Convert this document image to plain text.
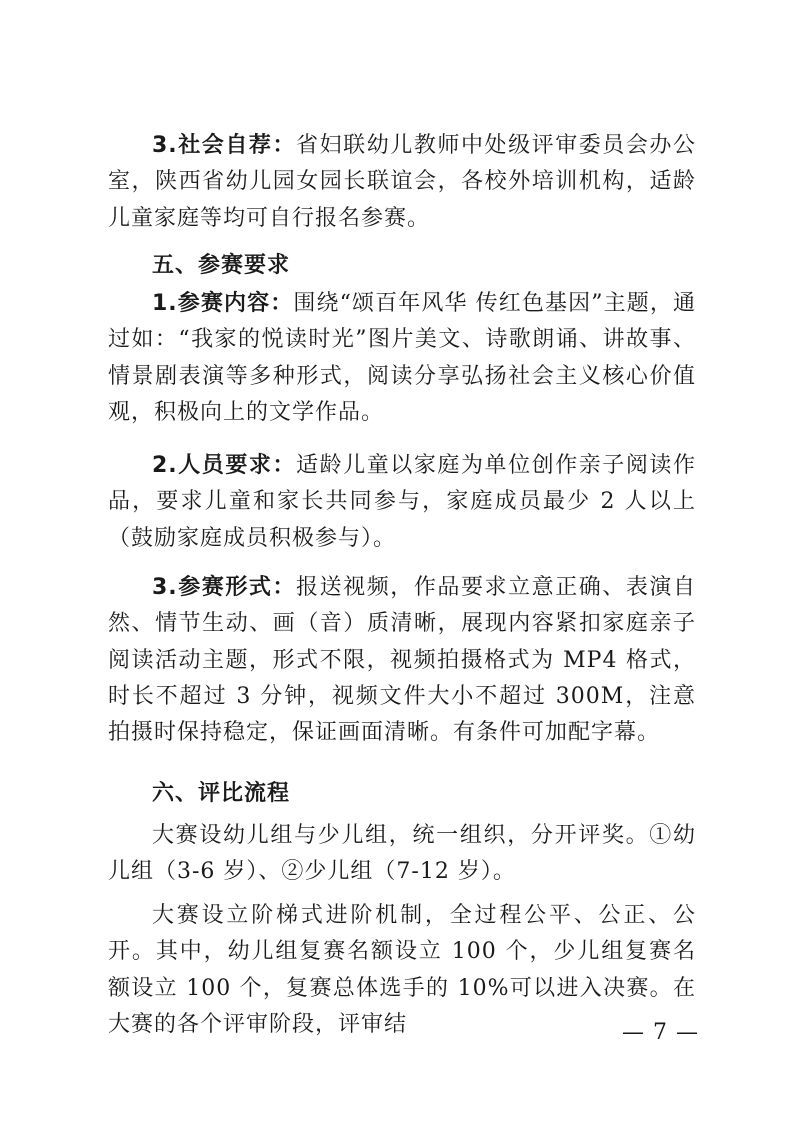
3.社会自荐：省妇联幼儿教师中处级评审委员会办公室，陕西省幼儿园女园长联谊会，各校外培训机构，适龄儿童家庭等均可自行报名参赛。

五、参赛要求

1.参赛内容：围绕“颂百年风华 传红色基因”主题，通过如：“我家的悦读时光”图片美文、诗歌朗诵、讲故事、情景剧表演等多种形式，阅读分享弘扬社会主义核心价值观，积极向上的文学作品。

2.人员要求：适龄儿童以家庭为单位创作亲子阅读作品，要求儿童和家长共同参与，家庭成员最少 2 人以上（鼓励家庭成员积极参与）。

3.参赛形式：报送视频，作品要求立意正确、表演自然、情节生动、画（音）质清晰，展现内容紧扣家庭亲子阅读活动主题，形式不限，视频拍摄格式为 MP4 格式，时长不超过 3 分钟，视频文件大小不超过 300M，注意拍摄时保持稳定，保证画面清晰。有条件可加配字幕。

六、评比流程

大赛设幼儿组与少儿组，统一组织，分开评奖。①幼儿组（3-6 岁）、②少儿组（7-12 岁）。

大赛设立阶梯式进阶机制，全过程公平、公正、公开。其中，幼儿组复赛名额设立 100 个，少儿组复赛名额设立 100 个，复赛总体选手的 10%可以进入决赛。在大赛的各个评审阶段，评审结	— 7 —
